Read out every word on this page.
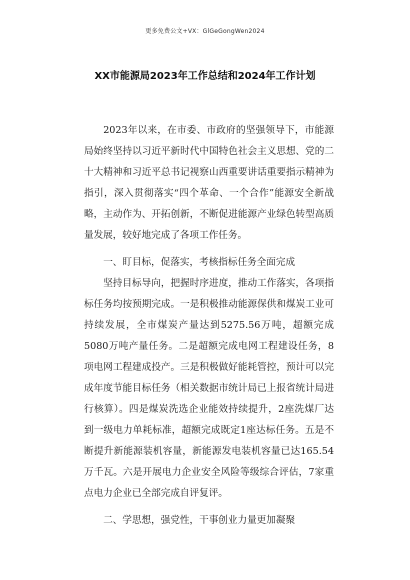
更多免费公文+VX：GlGeGongWen2024
XX市能源局2023年工作总结和2024年工作计划

2023年以来，在市委、市政府的坚强领导下，市能源局始终坚持以习近平新时代中国特色社会主义思想、党的二十大精神和习近平总书记视察山西重要讲话重要指示精神为指引，深入贯彻落实“四个革命、一个合作”能源安全新战略，主动作为、开拓创新，不断促进能源产业绿色转型高质量发展，较好地完成了各项工作任务。

一、盯目标，促落实，考核指标任务全面完成

坚持目标导向，把握时序进度，推动工作落实，各项指标任务均按预期完成。一是积极推动能源保供和煤炭工业可持续发展，全市煤炭产量达到5275.56万吨，超额完成5080万吨产量任务。二是超额完成电网工程建设任务，8项电网工程建成投产。三是积极做好能耗管控，预计可以完成年度节能目标任务（相关数据市统计局已上报省统计局进行核算）。四是煤炭洗选企业能效持续提升，2座洗煤厂达到一级电力单耗标准，超额完成既定1座达标任务。五是不断提升新能源装机容量，新能源发电装机容量已达165.54万千瓦。六是开展电力企业安全风险等级综合评估，7家重点电力企业已全部完成自评复评。

二、学思想，强党性，干事创业力量更加凝聚
